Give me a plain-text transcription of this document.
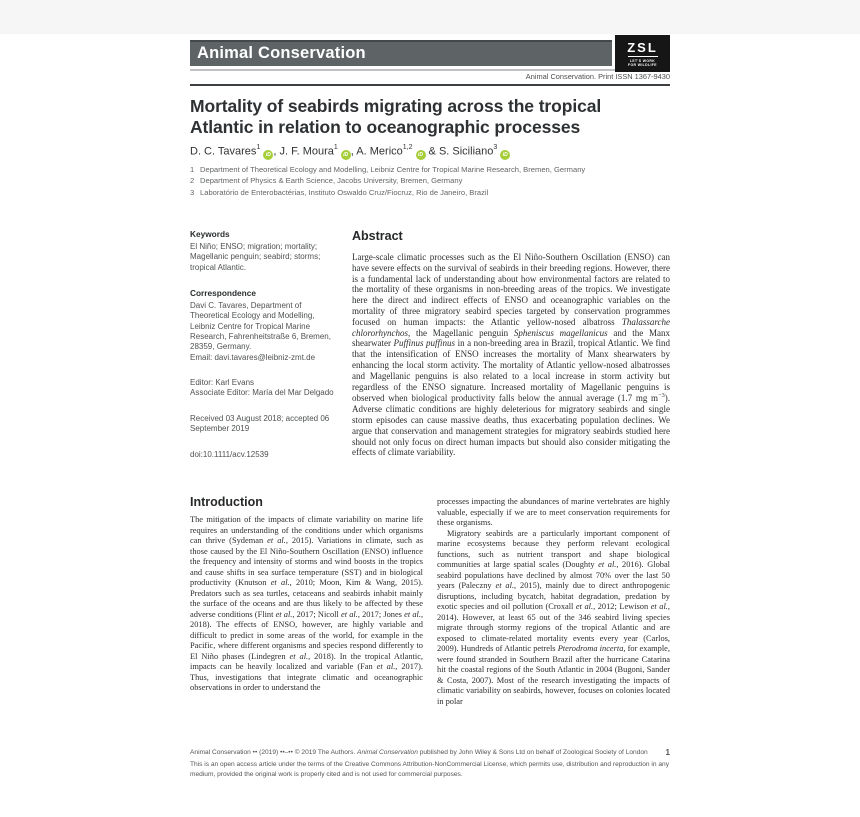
Animal Conservation	ZSL
LET'S WORK
FOR WILDLIFE
Animal Conservation. Print ISSN 1367-9430
Mortality of seabirds migrating across the tropical Atlantic in relation to oceanographic processes
D. C. Tavares$^1$iD , J. F. Moura$^1$iD , A. Merico$^{1,2}$iD & S. Siciliano$^3$iD
1 Department of Theoretical Ecology and Modelling, Leibniz Centre for Tropical Marine Research, Bremen, Germany
2 Department of Physics & Earth Science, Jacobs University, Bremen, Germany
3 Laboratório de Enterobactérias, Instituto Oswaldo Cruz/Fiocruz, Rio de Janeiro, Brazil
Keywords
El Niño; ENSO; migration; mortality; Magellanic penguin; seabird; storms; tropical Atlantic.
Correspondence
Davi C. Tavares, Department of Theoretical Ecology and Modelling, Leibniz Centre for Tropical Marine Research, Fahrenheitstraße 6, Bremen, 28359, Germany.
Email: davi.tavares@leibniz-zmt.de
Editor: Karl Evans
Associate Editor: María del Mar Delgado
Received 03 August 2018; accepted 06 September 2019
doi:10.1111/acv.12539
Abstract
Large-scale climatic processes such as the El Niño-Southern Oscillation (ENSO) can have severe effects on the survival of seabirds in their breeding regions. However, there is a fundamental lack of understanding about how environmental factors are related to the mortality of these organisms in non-breeding areas of the tropics. We investigate here the direct and indirect effects of ENSO and oceanographic variables on the mortality of three migratory seabird species targeted by conservation programmes focused on human impacts: the Atlantic yellow-nosed albatross Thalassarche chlororhynchos, the Magellanic penguin Spheniscus magellanicus and the Manx shearwater Puffinus puffinus in a non-breeding area in Brazil, tropical Atlantic. We find that the intensification of ENSO increases the mortality of Manx shearwaters by enhancing the local storm activity. The mortality of Atlantic yellow-nosed albatrosses and Magellanic penguins is also related to a local increase in storm activity but regardless of the ENSO signature. Increased mortality of Magellanic penguins is observed when biological productivity falls below the annual average (1.7 mg $m^{-3}$). Adverse climatic conditions are highly deleterious for migratory seabirds and single storm episodes can cause massive deaths, thus exacerbating population declines. We argue that conservation and management strategies for migratory seabirds studied here should not only focus on direct human impacts but should also consider mitigating the effects of climate variability.
Introduction
The mitigation of the impacts of climate variability on marine life requires an understanding of the conditions under which organisms can thrive (Sydeman et al., 2015). Variations in climate, such as those caused by the El Niño-Southern Oscillation (ENSO) influence the frequency and intensity of storms and wind boosts in the tropics and cause shifts in sea surface temperature (SST) and in biological productivity (Knutson et al., 2010; Moon, Kim & Wang, 2015). Predators such as sea turtles, cetaceans and seabirds inhabit mainly the surface of the oceans and are thus likely to be affected by these adverse conditions (Flint et al., 2017; Nicoll et al., 2017; Jones et al., 2018). The effects of ENSO, however, are highly variable and difficult to predict in some areas of the world, for example in the Pacific, where different organisms and species respond differently to El Niño phases (Lindegren et al., 2018). In the tropical Atlantic, impacts can be heavily localized and variable (Fan et al., 2017). Thus, investigations that integrate climatic and oceanographic observations in order to understand the
processes impacting the abundances of marine vertebrates are highly valuable, especially if we are to meet conservation requirements for these organisms.
Migratory seabirds are a particularly important component of marine ecosystems because they perform relevant ecological functions, such as nutrient transport and shape biological communities at large spatial scales (Doughty et al., 2016). Global seabird populations have declined by almost 70% over the last 50 years (Paleczny et al., 2015), mainly due to direct anthropogenic disruptions, including bycatch, habitat degradation, predation by exotic species and oil pollution (Croxall et al., 2012; Lewison et al., 2014). However, at least 65 out of the 346 seabird living species migrate through stormy regions of the tropical Atlantic and are exposed to climate-related mortality events every year (Carlos, 2009). Hundreds of Atlantic petrels Pterodroma incerta, for example, were found stranded in Southern Brazil after the hurricane Catarina hit the coastal regions of the South Atlantic in 2004 (Bugoni, Sander & Costa, 2007). Most of the research investigating the impacts of climatic variability on seabirds, however, focuses on colonies located in polar
Animal Conservation •• (2019) ••–•• © 2019 The Authors. Animal Conservation published by John Wiley & Sons Ltd on behalf of Zoological Society of London 1
This is an open access article under the terms of the Creative Commons Attribution-NonCommercial License, which permits use, distribution and reproduction in any medium, provided the original work is properly cited and is not used for commercial purposes.
